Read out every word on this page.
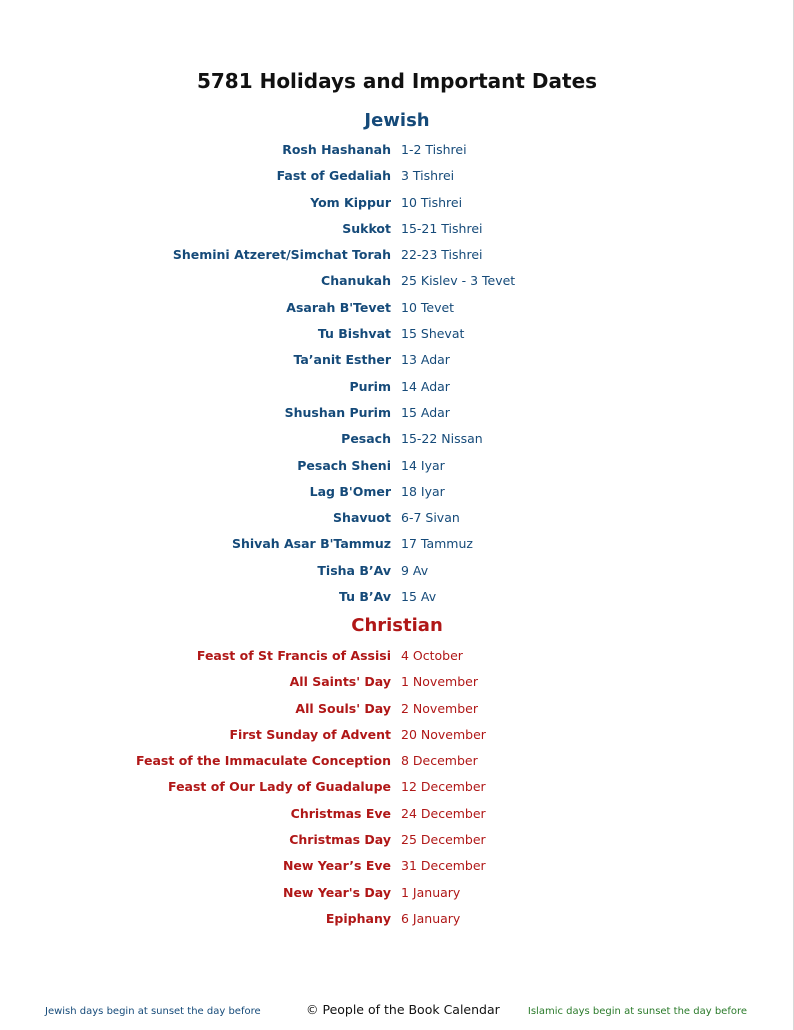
5781 Holidays and Important Dates
Jewish
Rosh Hashanah 1-2 Tishrei
Fast of Gedaliah 3 Tishrei
Yom Kippur 10 Tishrei
Sukkot 15-21 Tishrei
Shemini Atzeret/Simchat Torah 22-23 Tishrei
Chanukah 25 Kislev - 3 Tevet
Asarah B'Tevet 10 Tevet
Tu Bishvat 15 Shevat
Ta’anit Esther 13 Adar
Purim 14 Adar
Shushan Purim 15 Adar
Pesach 15-22 Nissan
Pesach Sheni 14 Iyar
Lag B'Omer 18 Iyar
Shavuot 6-7 Sivan
Shivah Asar B'Tammuz 17 Tammuz
Tisha B’Av 9 Av
Tu B’Av 15 Av
Christian
Feast of St Francis of Assisi 4 October
All Saints' Day 1 November
All Souls' Day 2 November
First Sunday of Advent 20 November
Feast of the Immaculate Conception 8 December
Feast of Our Lady of Guadalupe 12 December
Christmas Eve 24 December
Christmas Day 25 December
New Year’s Eve 31 December
New Year's Day 1 January
Epiphany 6 January
Jewish days begin at sunset the day before	© People of the Book Calendar	Islamic days begin at sunset the day before
